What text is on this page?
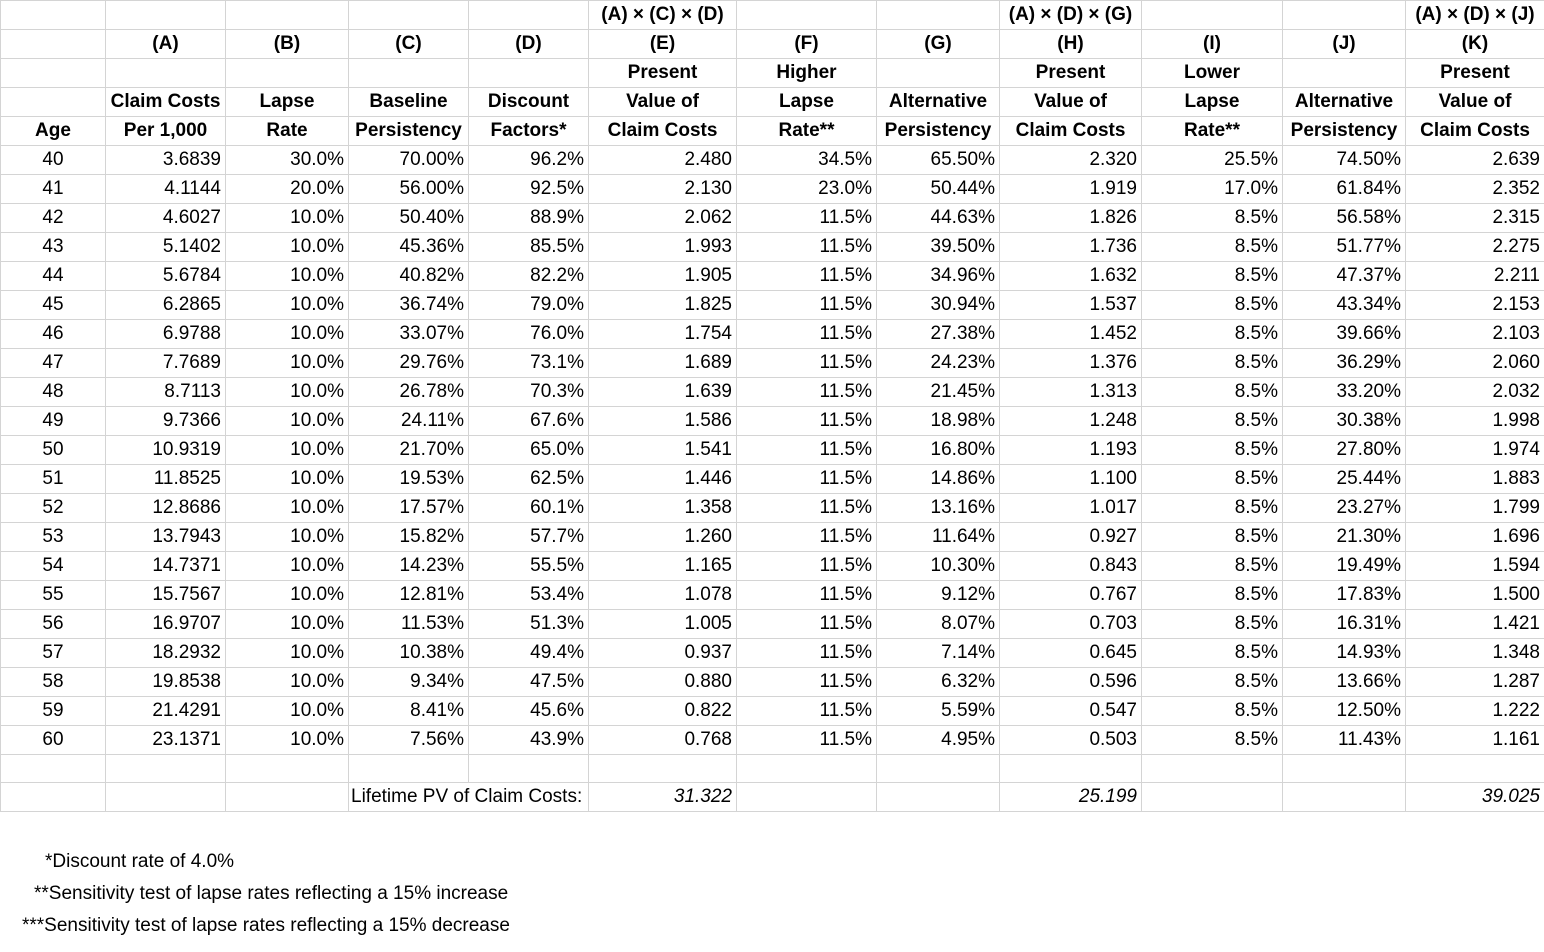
					(A) × (C) × (D)			(A) × (D) × (G)			(A) × (D) × (J)
	(A)	(B)	(C)	(D)	(E)	(F)	(G)	(H)	(I)	(J)	(K)
					Present	Higher		Present	Lower		Present
	Claim Costs	Lapse	Baseline	Discount	Value of	Lapse	Alternative	Value of	Lapse	Alternative	Value of
Age	Per 1,000	Rate	Persistency	Factors*	Claim Costs	Rate**	Persistency	Claim Costs	Rate**	Persistency	Claim Costs
40	3.6839	30.0%	70.00%	96.2%	2.480	34.5%	65.50%	2.320	25.5%	74.50%	2.639
41	4.1144	20.0%	56.00%	92.5%	2.130	23.0%	50.44%	1.919	17.0%	61.84%	2.352
42	4.6027	10.0%	50.40%	88.9%	2.062	11.5%	44.63%	1.826	8.5%	56.58%	2.315
43	5.1402	10.0%	45.36%	85.5%	1.993	11.5%	39.50%	1.736	8.5%	51.77%	2.275
44	5.6784	10.0%	40.82%	82.2%	1.905	11.5%	34.96%	1.632	8.5%	47.37%	2.211
45	6.2865	10.0%	36.74%	79.0%	1.825	11.5%	30.94%	1.537	8.5%	43.34%	2.153
46	6.9788	10.0%	33.07%	76.0%	1.754	11.5%	27.38%	1.452	8.5%	39.66%	2.103
47	7.7689	10.0%	29.76%	73.1%	1.689	11.5%	24.23%	1.376	8.5%	36.29%	2.060
48	8.7113	10.0%	26.78%	70.3%	1.639	11.5%	21.45%	1.313	8.5%	33.20%	2.032
49	9.7366	10.0%	24.11%	67.6%	1.586	11.5%	18.98%	1.248	8.5%	30.38%	1.998
50	10.9319	10.0%	21.70%	65.0%	1.541	11.5%	16.80%	1.193	8.5%	27.80%	1.974
51	11.8525	10.0%	19.53%	62.5%	1.446	11.5%	14.86%	1.100	8.5%	25.44%	1.883
52	12.8686	10.0%	17.57%	60.1%	1.358	11.5%	13.16%	1.017	8.5%	23.27%	1.799
53	13.7943	10.0%	15.82%	57.7%	1.260	11.5%	11.64%	0.927	8.5%	21.30%	1.696
54	14.7371	10.0%	14.23%	55.5%	1.165	11.5%	10.30%	0.843	8.5%	19.49%	1.594
55	15.7567	10.0%	12.81%	53.4%	1.078	11.5%	9.12%	0.767	8.5%	17.83%	1.500
56	16.9707	10.0%	11.53%	51.3%	1.005	11.5%	8.07%	0.703	8.5%	16.31%	1.421
57	18.2932	10.0%	10.38%	49.4%	0.937	11.5%	7.14%	0.645	8.5%	14.93%	1.348
58	19.8538	10.0%	9.34%	47.5%	0.880	11.5%	6.32%	0.596	8.5%	13.66%	1.287
59	21.4291	10.0%	8.41%	45.6%	0.822	11.5%	5.59%	0.547	8.5%	12.50%	1.222
60	23.1371	10.0%	7.56%	43.9%	0.768	11.5%	4.95%	0.503	8.5%	11.43%	1.161

			Lifetime PV of Claim Costs:		31.322			25.199			39.025
*Discount rate of 4.0%
**Sensitivity test of lapse rates reflecting a 15% increase
***Sensitivity test of lapse rates reflecting a 15% decrease
